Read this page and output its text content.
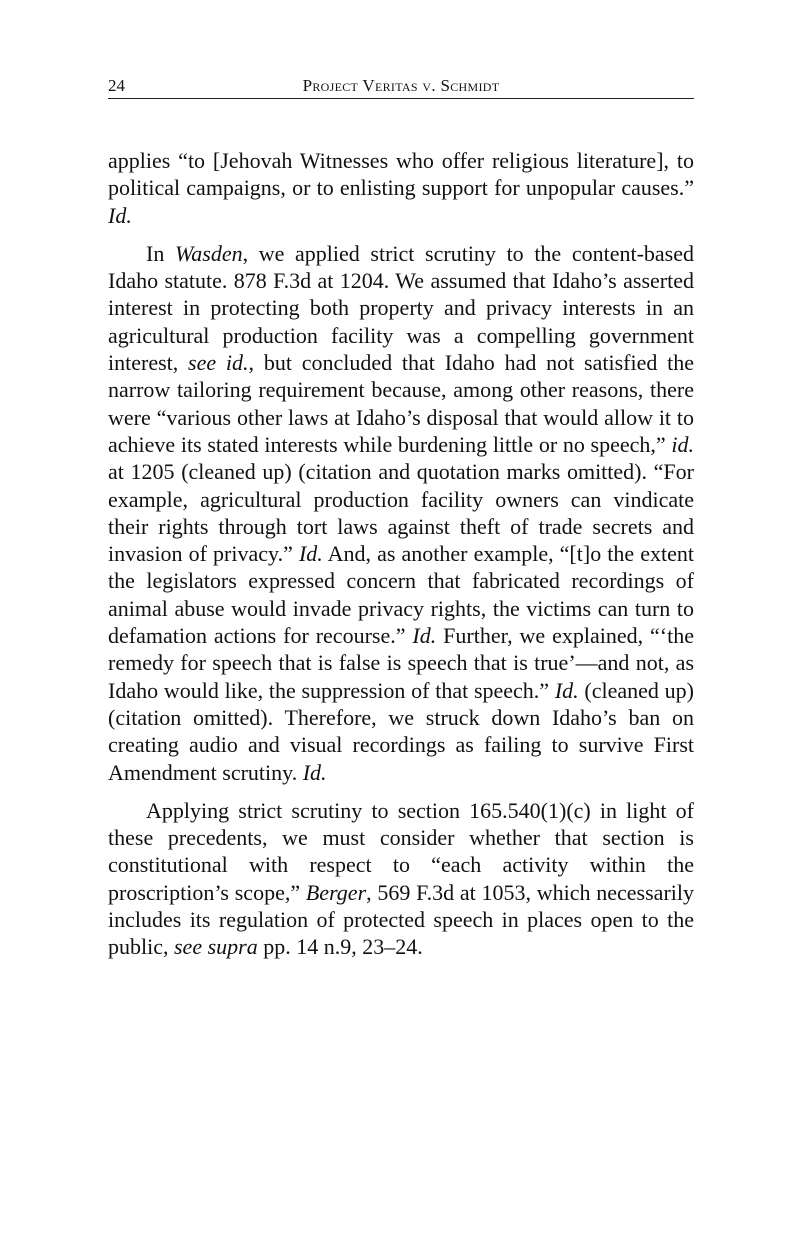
24	Project Veritas v. Schmidt

applies “to [Jehovah Witnesses who offer religious literature], to political campaigns, or to enlisting support for unpopular causes.” Id.

In Wasden, we applied strict scrutiny to the content-based Idaho statute. 878 F.3d at 1204. We assumed that Idaho’s asserted interest in protecting both property and privacy interests in an agricultural production facility was a compelling government interest, see id., but concluded that Idaho had not satisfied the narrow tailoring requirement because, among other reasons, there were “various other laws at Idaho’s disposal that would allow it to achieve its stated interests while burdening little or no speech,” id. at 1205 (cleaned up) (citation and quotation marks omitted). “For example, agricultural production facility owners can vindicate their rights through tort laws against theft of trade secrets and invasion of privacy.” Id. And, as another example, “[t]o the extent the legislators expressed concern that fabricated recordings of animal abuse would invade privacy rights, the victims can turn to defamation actions for recourse.” Id. Further, we explained, “‘the remedy for speech that is false is speech that is true’—and not, as Idaho would like, the suppression of that speech.” Id. (cleaned up) (citation omitted). Therefore, we struck down Idaho’s ban on creating audio and visual recordings as failing to survive First Amendment scrutiny. Id.

Applying strict scrutiny to section 165.540(1)(c) in light of these precedents, we must consider whether that section is constitutional with respect to “each activity within the proscription’s scope,” Berger, 569 F.3d at 1053, which necessarily includes its regulation of protected speech in places open to the public, see supra pp. 14 n.9, 23–24.
